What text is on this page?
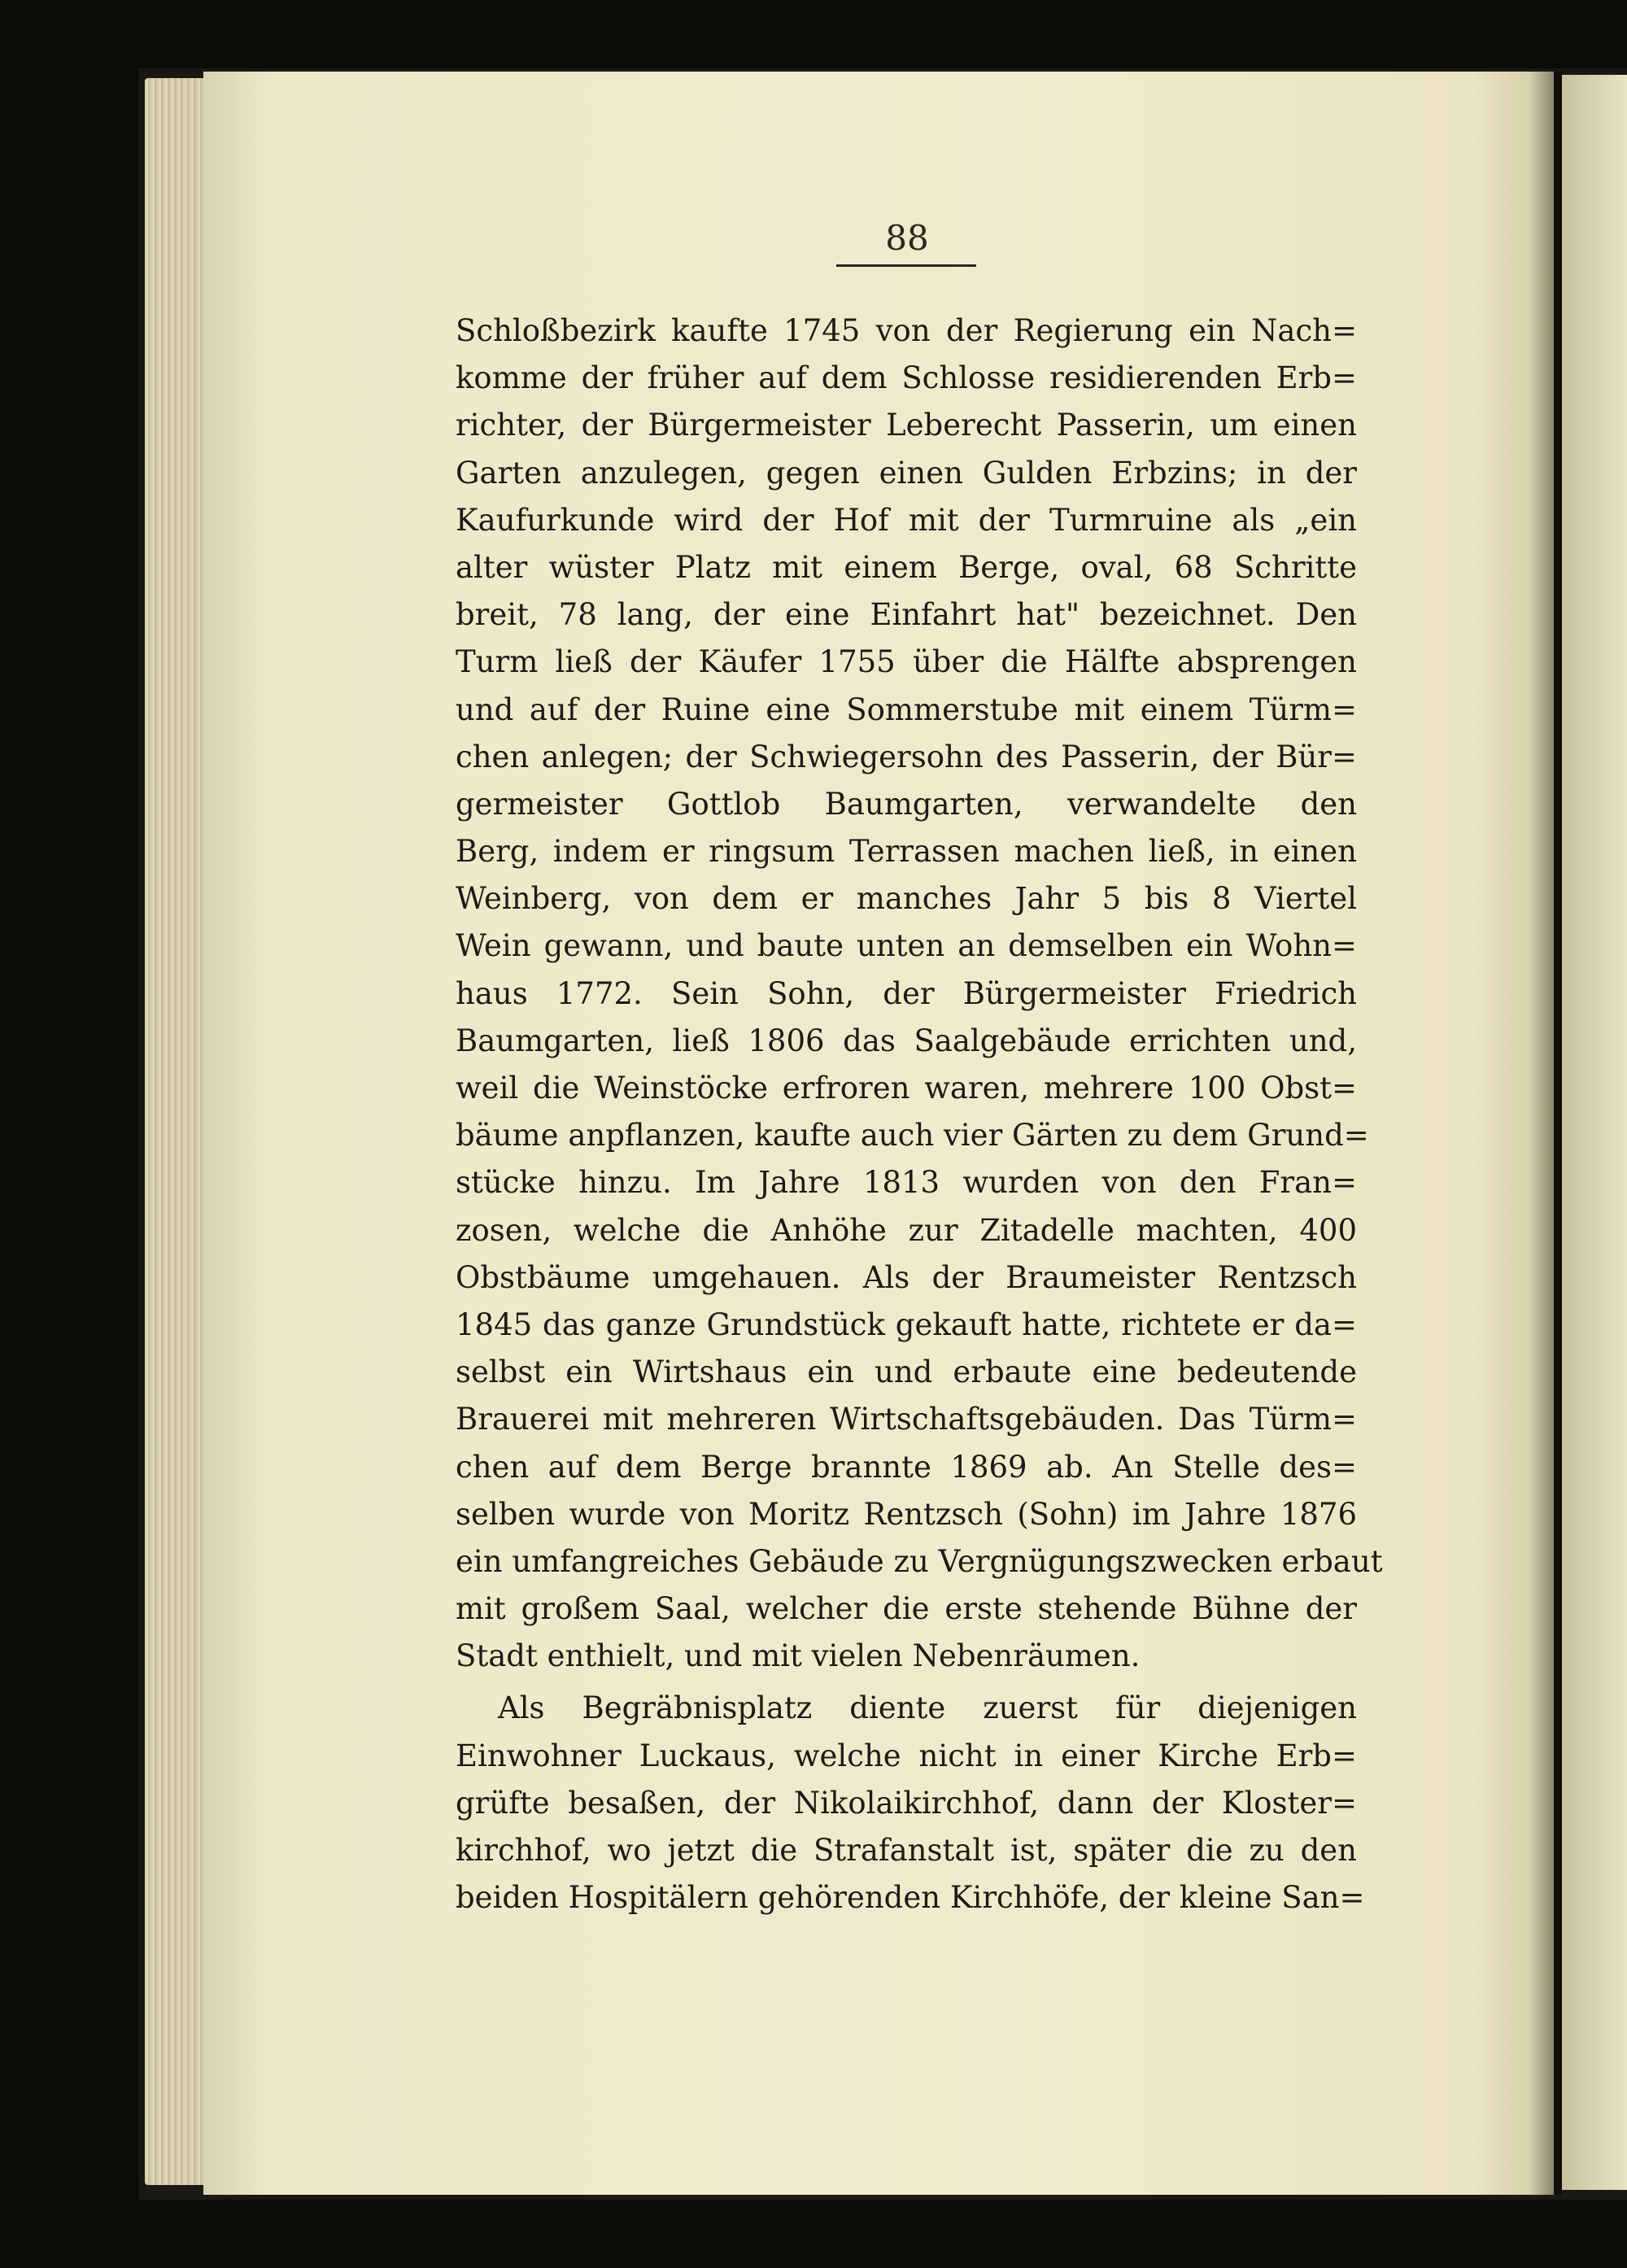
88
Schloßbezirk kaufte 1745 von der Regierung ein Nach=
komme der früher auf dem Schlosse residierenden Erb=
richter, der Bürgermeister Leberecht Passerin, um einen
Garten anzulegen, gegen einen Gulden Erbzins; in der
Kaufurkunde wird der Hof mit der Turmruine als „ein
alter wüster Platz mit einem Berge, oval, 68 Schritte
breit, 78 lang, der eine Einfahrt hat" bezeichnet. Den
Turm ließ der Käufer 1755 über die Hälfte absprengen
und auf der Ruine eine Sommerstube mit einem Türm=
chen anlegen; der Schwiegersohn des Passerin, der Bür=
germeister Gottlob Baumgarten, verwandelte den
Berg, indem er ringsum Terrassen machen ließ, in einen
Weinberg, von dem er manches Jahr 5 bis 8 Viertel
Wein gewann, und baute unten an demselben ein Wohn=
haus 1772. Sein Sohn, der Bürgermeister Friedrich
Baumgarten, ließ 1806 das Saalgebäude errichten und,
weil die Weinstöcke erfroren waren, mehrere 100 Obst=
bäume anpflanzen, kaufte auch vier Gärten zu dem Grund=
stücke hinzu. Im Jahre 1813 wurden von den Fran=
zosen, welche die Anhöhe zur Zitadelle machten, 400
Obstbäume umgehauen. Als der Braumeister Rentzsch
1845 das ganze Grundstück gekauft hatte, richtete er da=
selbst ein Wirtshaus ein und erbaute eine bedeutende
Brauerei mit mehreren Wirtschaftsgebäuden. Das Türm=
chen auf dem Berge brannte 1869 ab. An Stelle des=
selben wurde von Moritz Rentzsch (Sohn) im Jahre 1876
ein umfangreiches Gebäude zu Vergnügungszwecken erbaut
mit großem Saal, welcher die erste stehende Bühne der
Stadt enthielt, und mit vielen Nebenräumen.
Als Begräbnisplatz diente zuerst für diejenigen
Einwohner Luckaus, welche nicht in einer Kirche Erb=
grüfte besaßen, der Nikolaikirchhof, dann der Kloster=
kirchhof, wo jetzt die Strafanstalt ist, später die zu den
beiden Hospitälern gehörenden Kirchhöfe, der kleine San=
